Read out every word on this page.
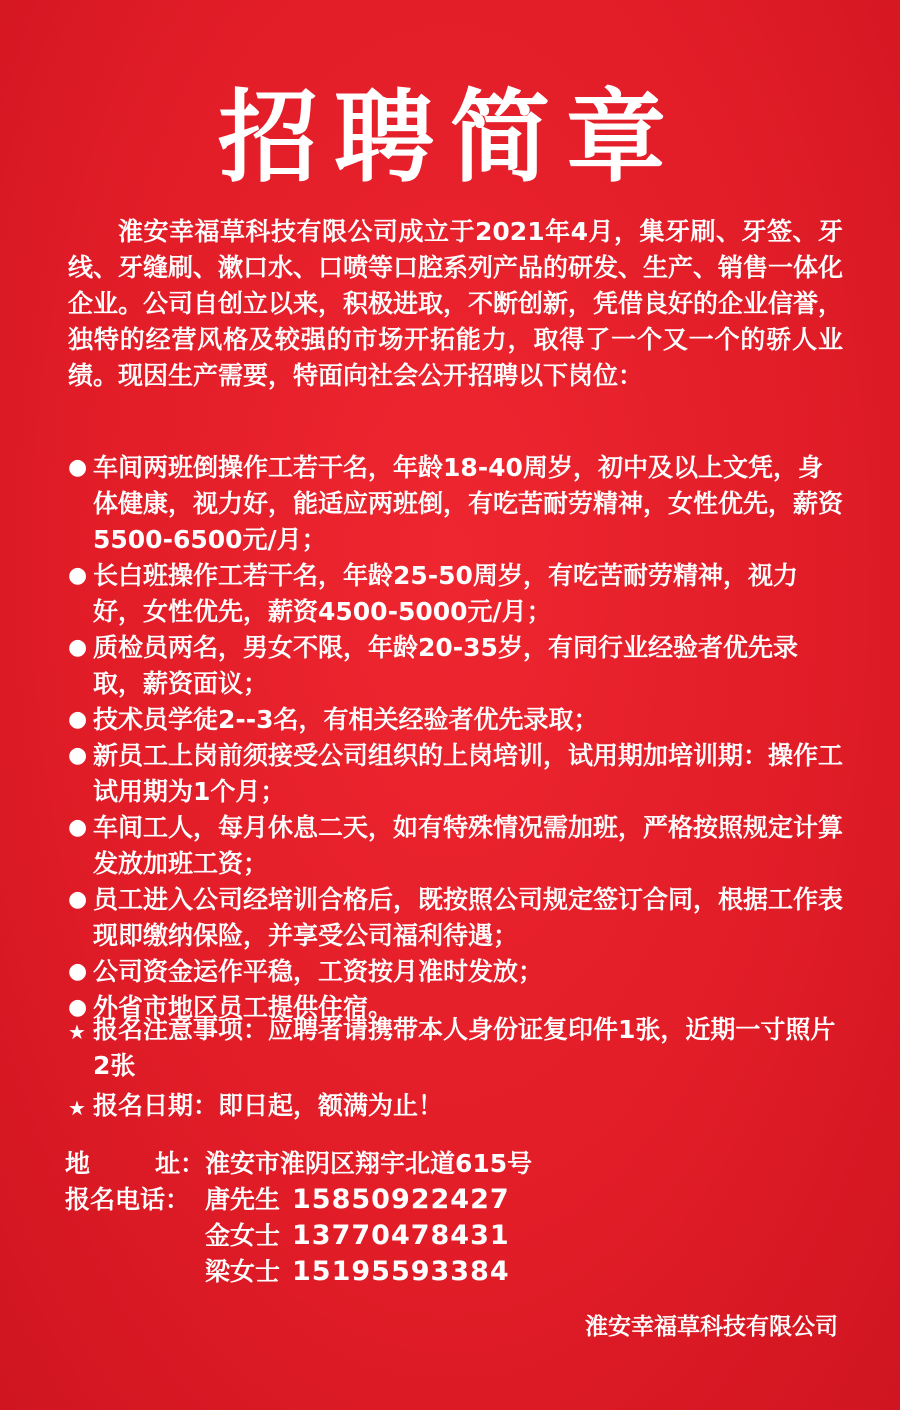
招聘简章

淮安幸福草科技有限公司成立于2021年4月，集牙刷、牙签、牙线、牙缝刷、漱口水、口喷等口腔系列产品的研发、生产、销售一体化企业。公司自创立以来，积极进取，不断创新，凭借良好的企业信誉，独特的经营风格及较强的市场开拓能力，取得了一个又一个的骄人业绩。现因生产需要，特面向社会公开招聘以下岗位：

● 车间两班倒操作工若干名，年龄18-40周岁，初中及以上文凭，身体健康，视力好，能适应两班倒，有吃苦耐劳精神，女性优先，薪资5500-6500元/月；
● 长白班操作工若干名，年龄25-50周岁，有吃苦耐劳精神，视力好，女性优先，薪资4500-5000元/月；
● 质检员两名，男女不限，年龄20-35岁，有同行业经验者优先录取，薪资面议；
● 技术员学徒2--3名，有相关经验者优先录取；
● 新员工上岗前须接受公司组织的上岗培训，试用期加培训期：操作工试用期为1个月；
● 车间工人，每月休息二天，如有特殊情况需加班，严格按照规定计算发放加班工资；
● 员工进入公司经培训合格后，既按照公司规定签订合同，根据工作表现即缴纳保险，并享受公司福利待遇；
● 公司资金运作平稳，工资按月准时发放；
● 外省市地区员工提供住宿。
★ 报名注意事项：应聘者请携带本人身份证复印件1张，近期一寸照片2张
★ 报名日期：即日起，额满为止！
地	址： 淮安市淮阴区翔宇北道615号
报名电话： 唐先生 15850922427
金女士 13770478431
梁女士 15195593384
淮安幸福草科技有限公司
